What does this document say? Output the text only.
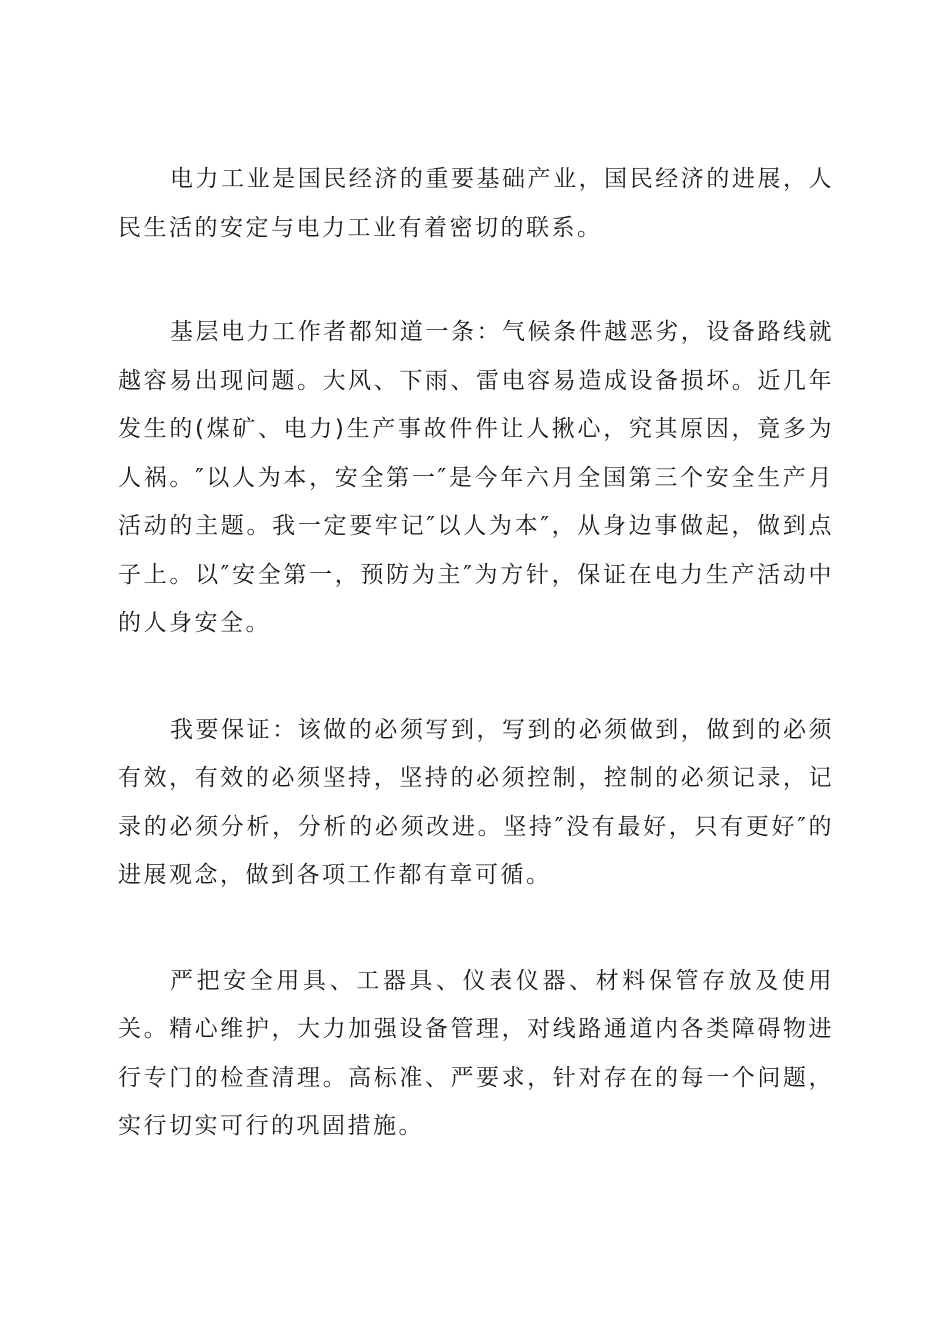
电力工业是国民经济的重要基础产业，国民经济的进展，人民生活的安定与电力工业有着密切的联系。

基层电力工作者都知道一条：气候条件越恶劣，设备路线就越容易出现问题。大风、下雨、雷电容易造成设备损坏。近几年发生的(煤矿、电力)生产事故件件让人揪心，究其原因，竟多为人祸。″以人为本，安全第一″是今年六月全国第三个安全生产月活动的主题。我一定要牢记″以人为本″，从身边事做起，做到点子上。以″安全第一，预防为主″为方针，保证在电力生产活动中的人身安全。

我要保证：该做的必须写到，写到的必须做到，做到的必须有效，有效的必须坚持，坚持的必须控制，控制的必须记录，记录的必须分析，分析的必须改进。坚持″没有最好，只有更好″的进展观念，做到各项工作都有章可循。

严把安全用具、工器具、仪表仪器、材料保管存放及使用关。精心维护，大力加强设备管理，对线路通道内各类障碍物进行专门的检查清理。高标准、严要求，针对存在的每一个问题，实行切实可行的巩固措施。
